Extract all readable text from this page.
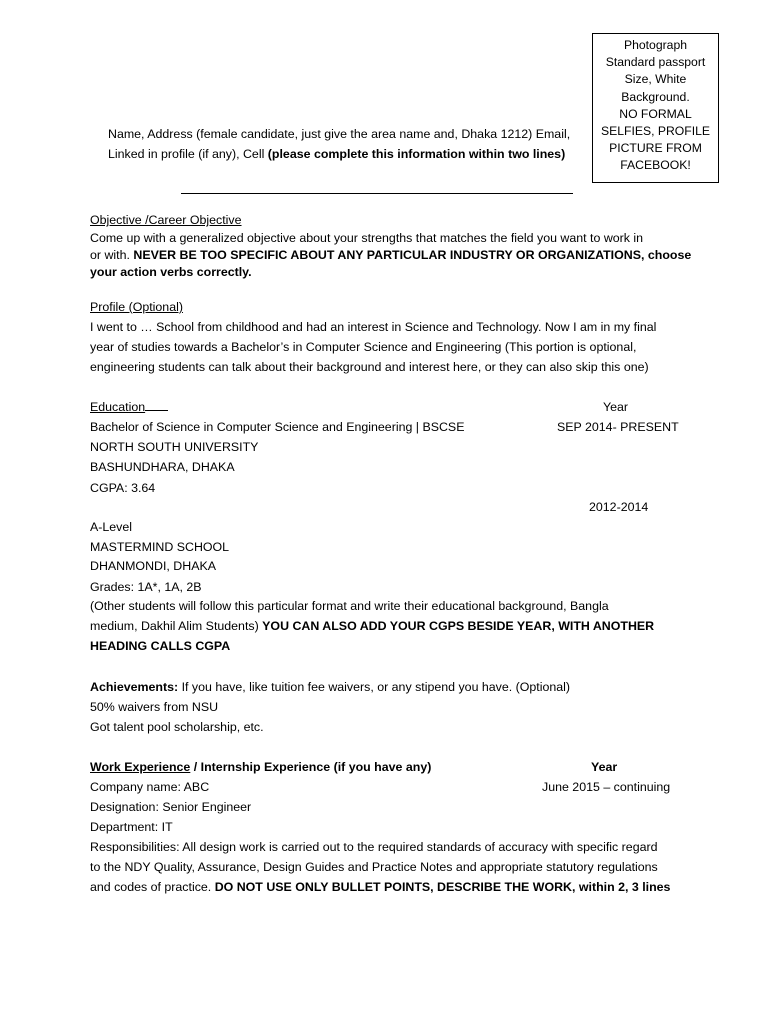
Photograph
Standard passport
Size, White
Background.
NO FORMAL
SELFIES, PROFILE
PICTURE FROM
FACEBOOK!
Name, Address (female candidate, just give the area name and, Dhaka 1212) Email,
Linked in profile (if any), Cell (please complete this information within two lines)
Objective /Career Objective
Come up with a generalized objective about your strengths that matches the field you want to work in
or with. NEVER BE TOO SPECIFIC ABOUT ANY PARTICULAR INDUSTRY OR ORGANIZATIONS, choose
your action verbs correctly.
Profile (Optional)
I went to … School from childhood and had an interest in Science and Technology. Now I am in my final
year of studies towards a Bachelor’s in Computer Science and Engineering (This portion is optional,
engineering students can talk about their background and interest here, or they can also skip this one)
Education	Year
Bachelor of Science in Computer Science and Engineering | BSCSE	SEP 2014- PRESENT
NORTH SOUTH UNIVERSITY
BASHUNDHARA, DHAKA
CGPA: 3.64
2012-2014
A-Level
MASTERMIND SCHOOL
DHANMONDI, DHAKA
Grades: 1A*, 1A, 2B
(Other students will follow this particular format and write their educational background, Bangla
medium, Dakhil Alim Students) YOU CAN ALSO ADD YOUR CGPS BESIDE YEAR, WITH ANOTHER
HEADING CALLS CGPA
Achievements: If you have, like tuition fee waivers, or any stipend you have. (Optional)
50% waivers from NSU
Got talent pool scholarship, etc.
Work Experience / Internship Experience (if you have any)	Year
Company name: ABC	June 2015 – continuing
Designation: Senior Engineer
Department: IT
Responsibilities: All design work is carried out to the required standards of accuracy with specific regard
to the NDY Quality, Assurance, Design Guides and Practice Notes and appropriate statutory regulations
and codes of practice. DO NOT USE ONLY BULLET POINTS, DESCRIBE THE WORK, within 2, 3 lines
